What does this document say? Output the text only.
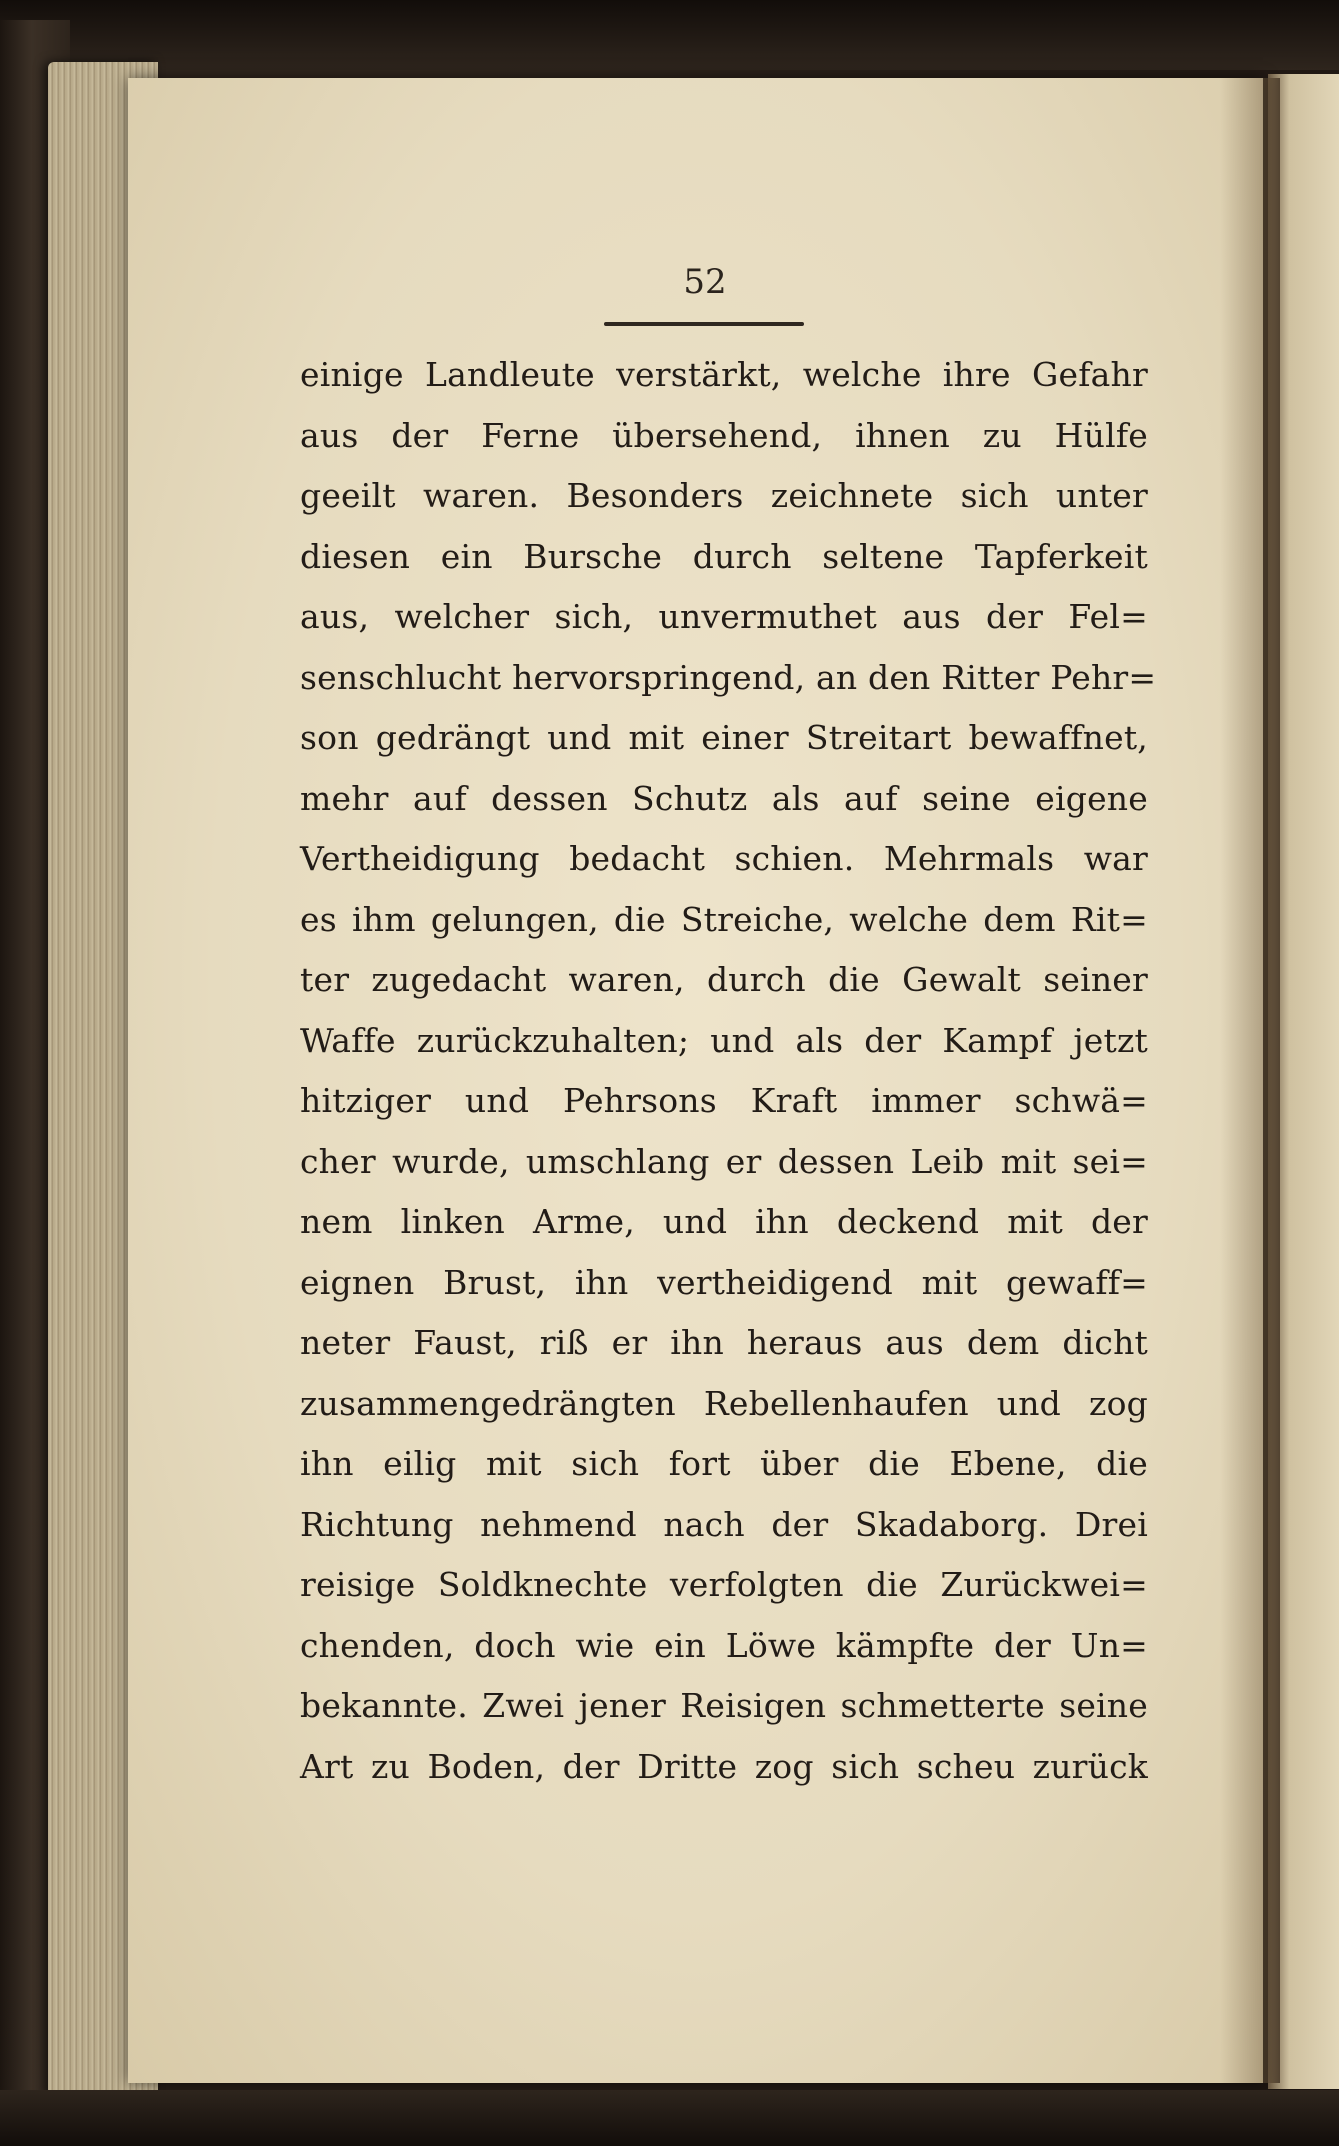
52
einige Landleute verstärkt, welche ihre Gefahr
aus der Ferne übersehend, ihnen zu Hülfe
geeilt waren. Besonders zeichnete sich unter
diesen ein Bursche durch seltene Tapferkeit
aus, welcher sich, unvermuthet aus der Fel=
senschlucht hervorspringend, an den Ritter Pehr=
son gedrängt und mit einer Streitart bewaffnet,
mehr auf dessen Schutz als auf seine eigene
Vertheidigung bedacht schien. Mehrmals war
es ihm gelungen, die Streiche, welche dem Rit=
ter zugedacht waren, durch die Gewalt seiner
Waffe zurückzuhalten; und als der Kampf jetzt
hitziger und Pehrsons Kraft immer schwä=
cher wurde, umschlang er dessen Leib mit sei=
nem linken Arme, und ihn deckend mit der
eignen Brust, ihn vertheidigend mit gewaff=
neter Faust, riß er ihn heraus aus dem dicht
zusammengedrängten Rebellenhaufen und zog
ihn eilig mit sich fort über die Ebene, die
Richtung nehmend nach der Skadaborg. Drei
reisige Soldknechte verfolgten die Zurückwei=
chenden, doch wie ein Löwe kämpfte der Un=
bekannte. Zwei jener Reisigen schmetterte seine
Art zu Boden, der Dritte zog sich scheu zurück
